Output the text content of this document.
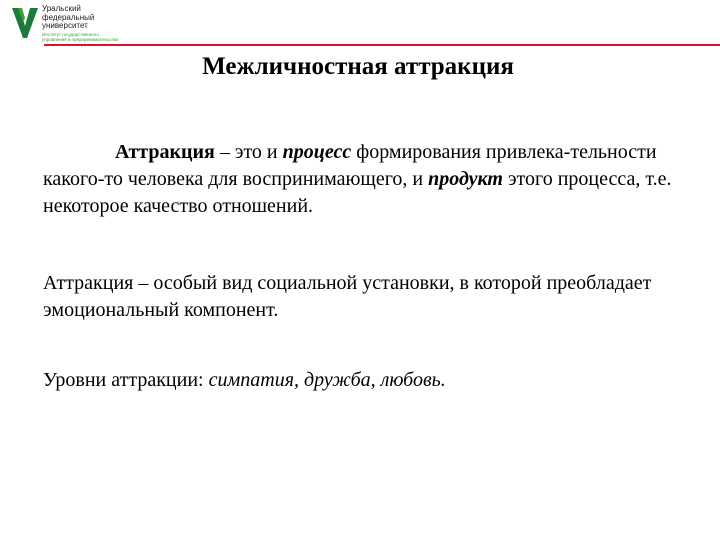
Уральский
федеральный
университет
Институт государственного
управления и предпринимательства
Межличностная аттракция
Аттракция – это и процесс формирования привлека-тельности какого-то человека для воспринимающего, и продукт этого процесса, т.е. некоторое качество отношений.
Аттракция – особый вид социальной установки, в которой преобладает эмоциональный компонент.
Уровни аттракции: симпатия, дружба, любовь.
